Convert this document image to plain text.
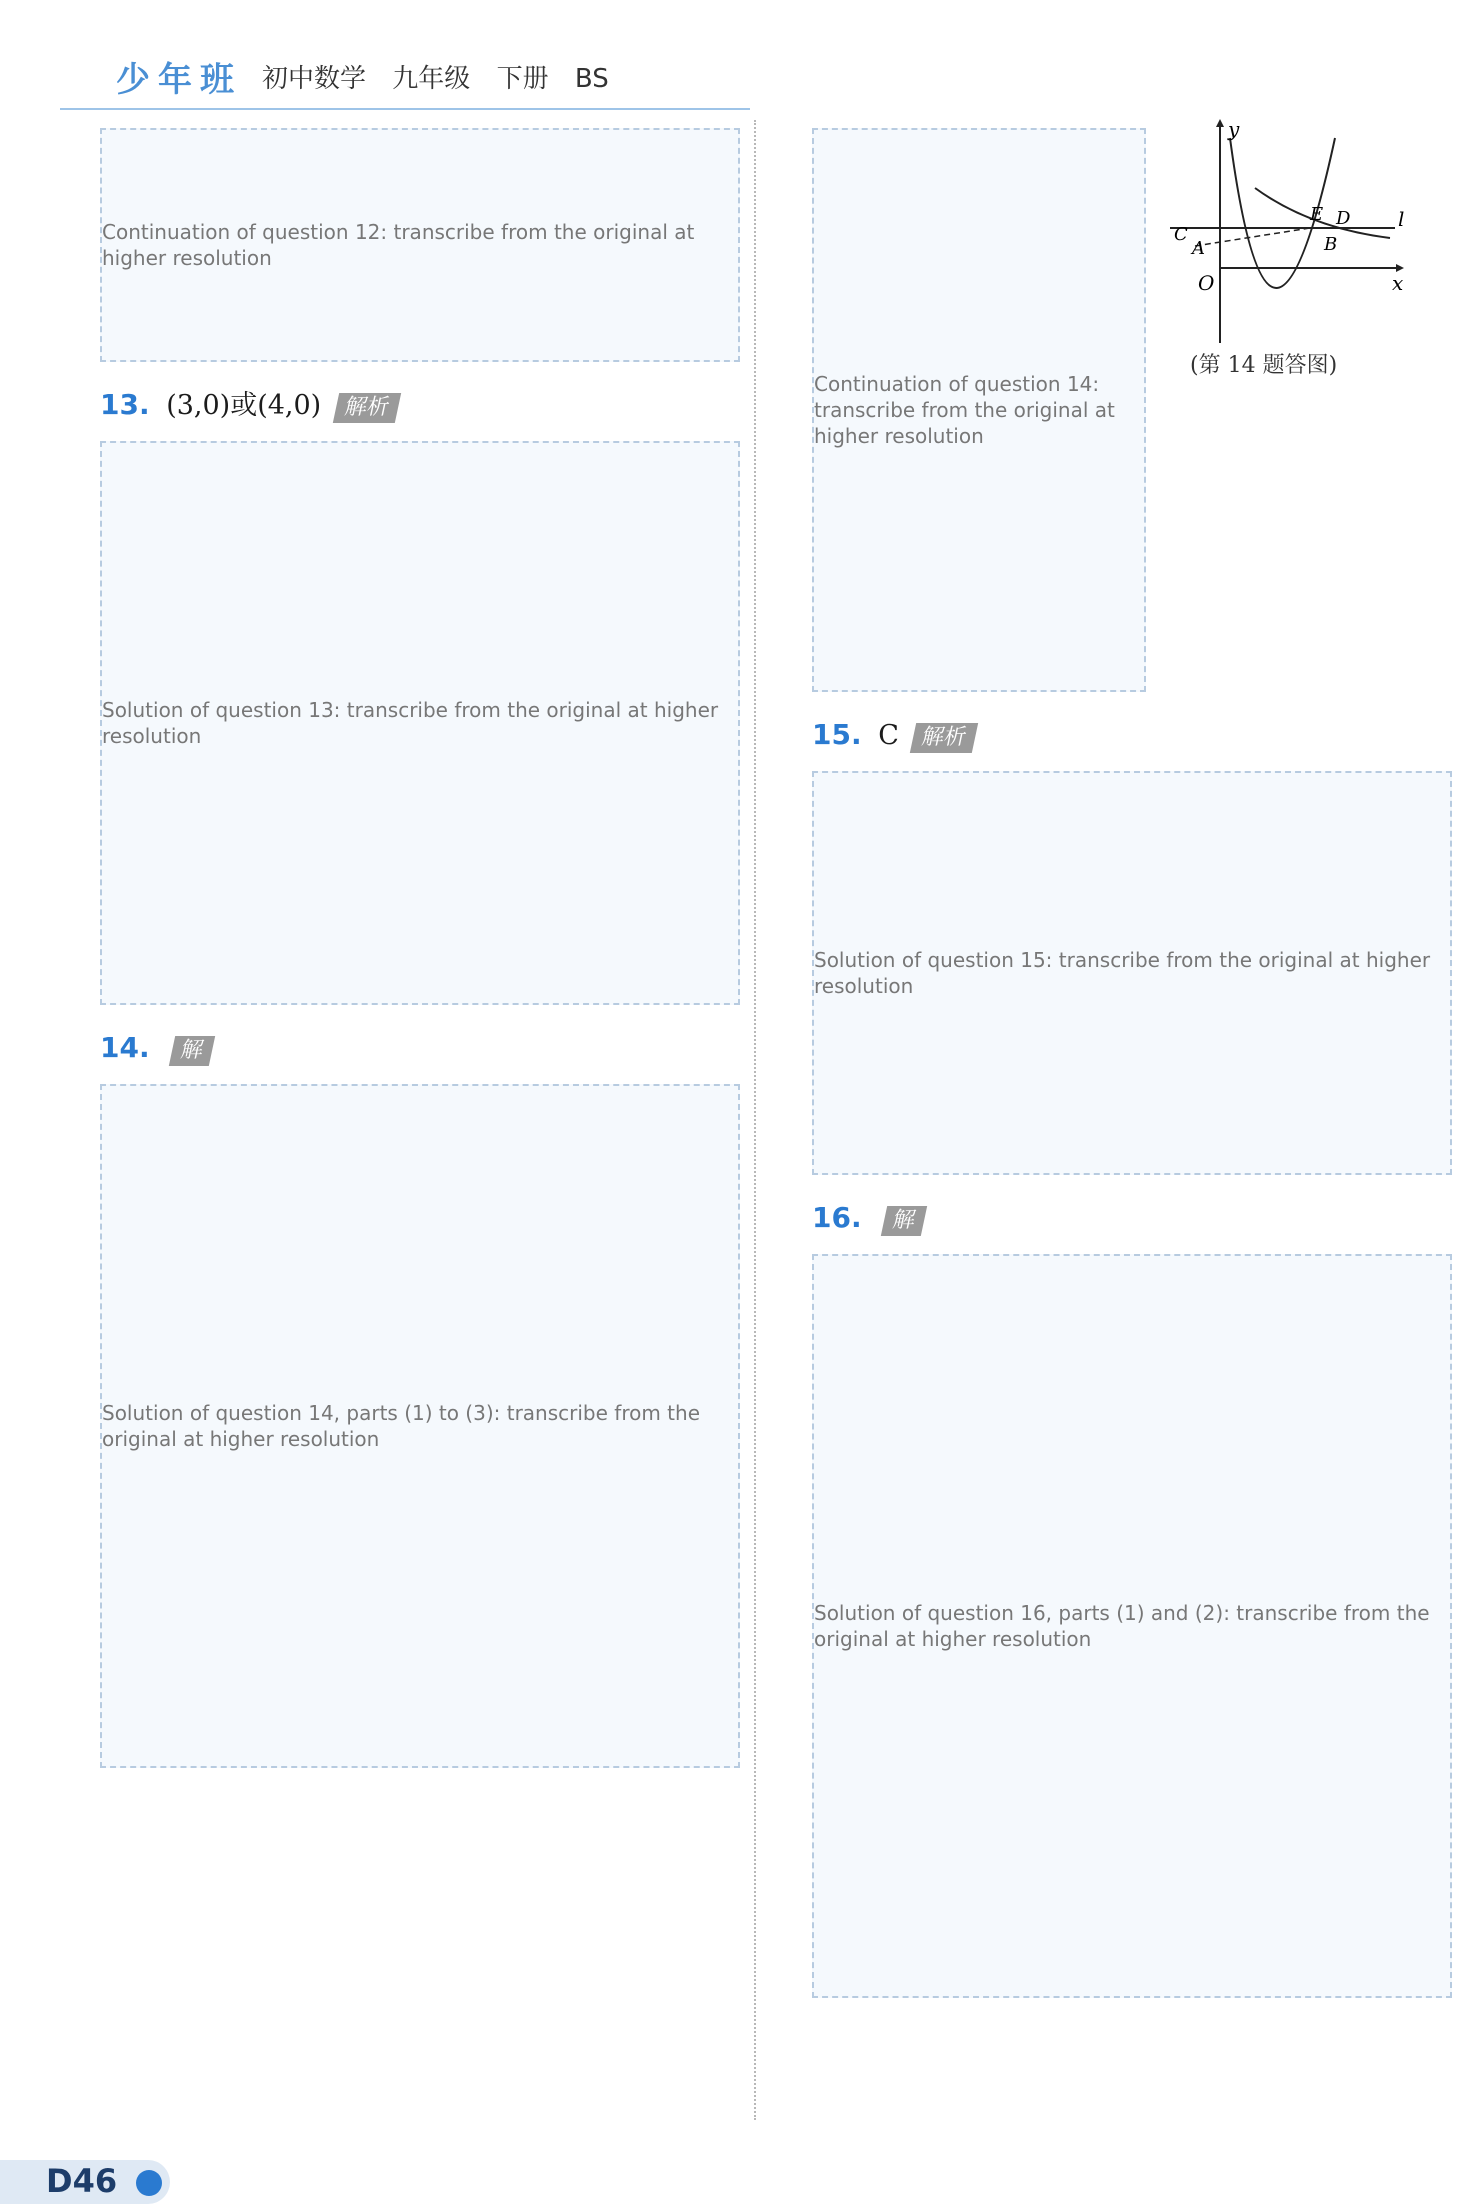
少年班 初中数学 九年级 下册 BS
Continuation of question 12: transcribe from the original at higher resolution
13. (3,0)或(4,0) 解析
Solution of question 13: transcribe from the original at higher resolution
14. 解
Solution of question 14, parts (1) to (3): transcribe from the original at higher resolution
Continuation of question 14: transcribe from the original at higher resolution
15. C 解析
Solution of question 15: transcribe from the original at higher resolution
16. 解
Solution of question 16, parts (1) and (2): transcribe from the original at higher resolution
y
x
O
l
A
C
E D
B
(第 14 题答图)
D46
